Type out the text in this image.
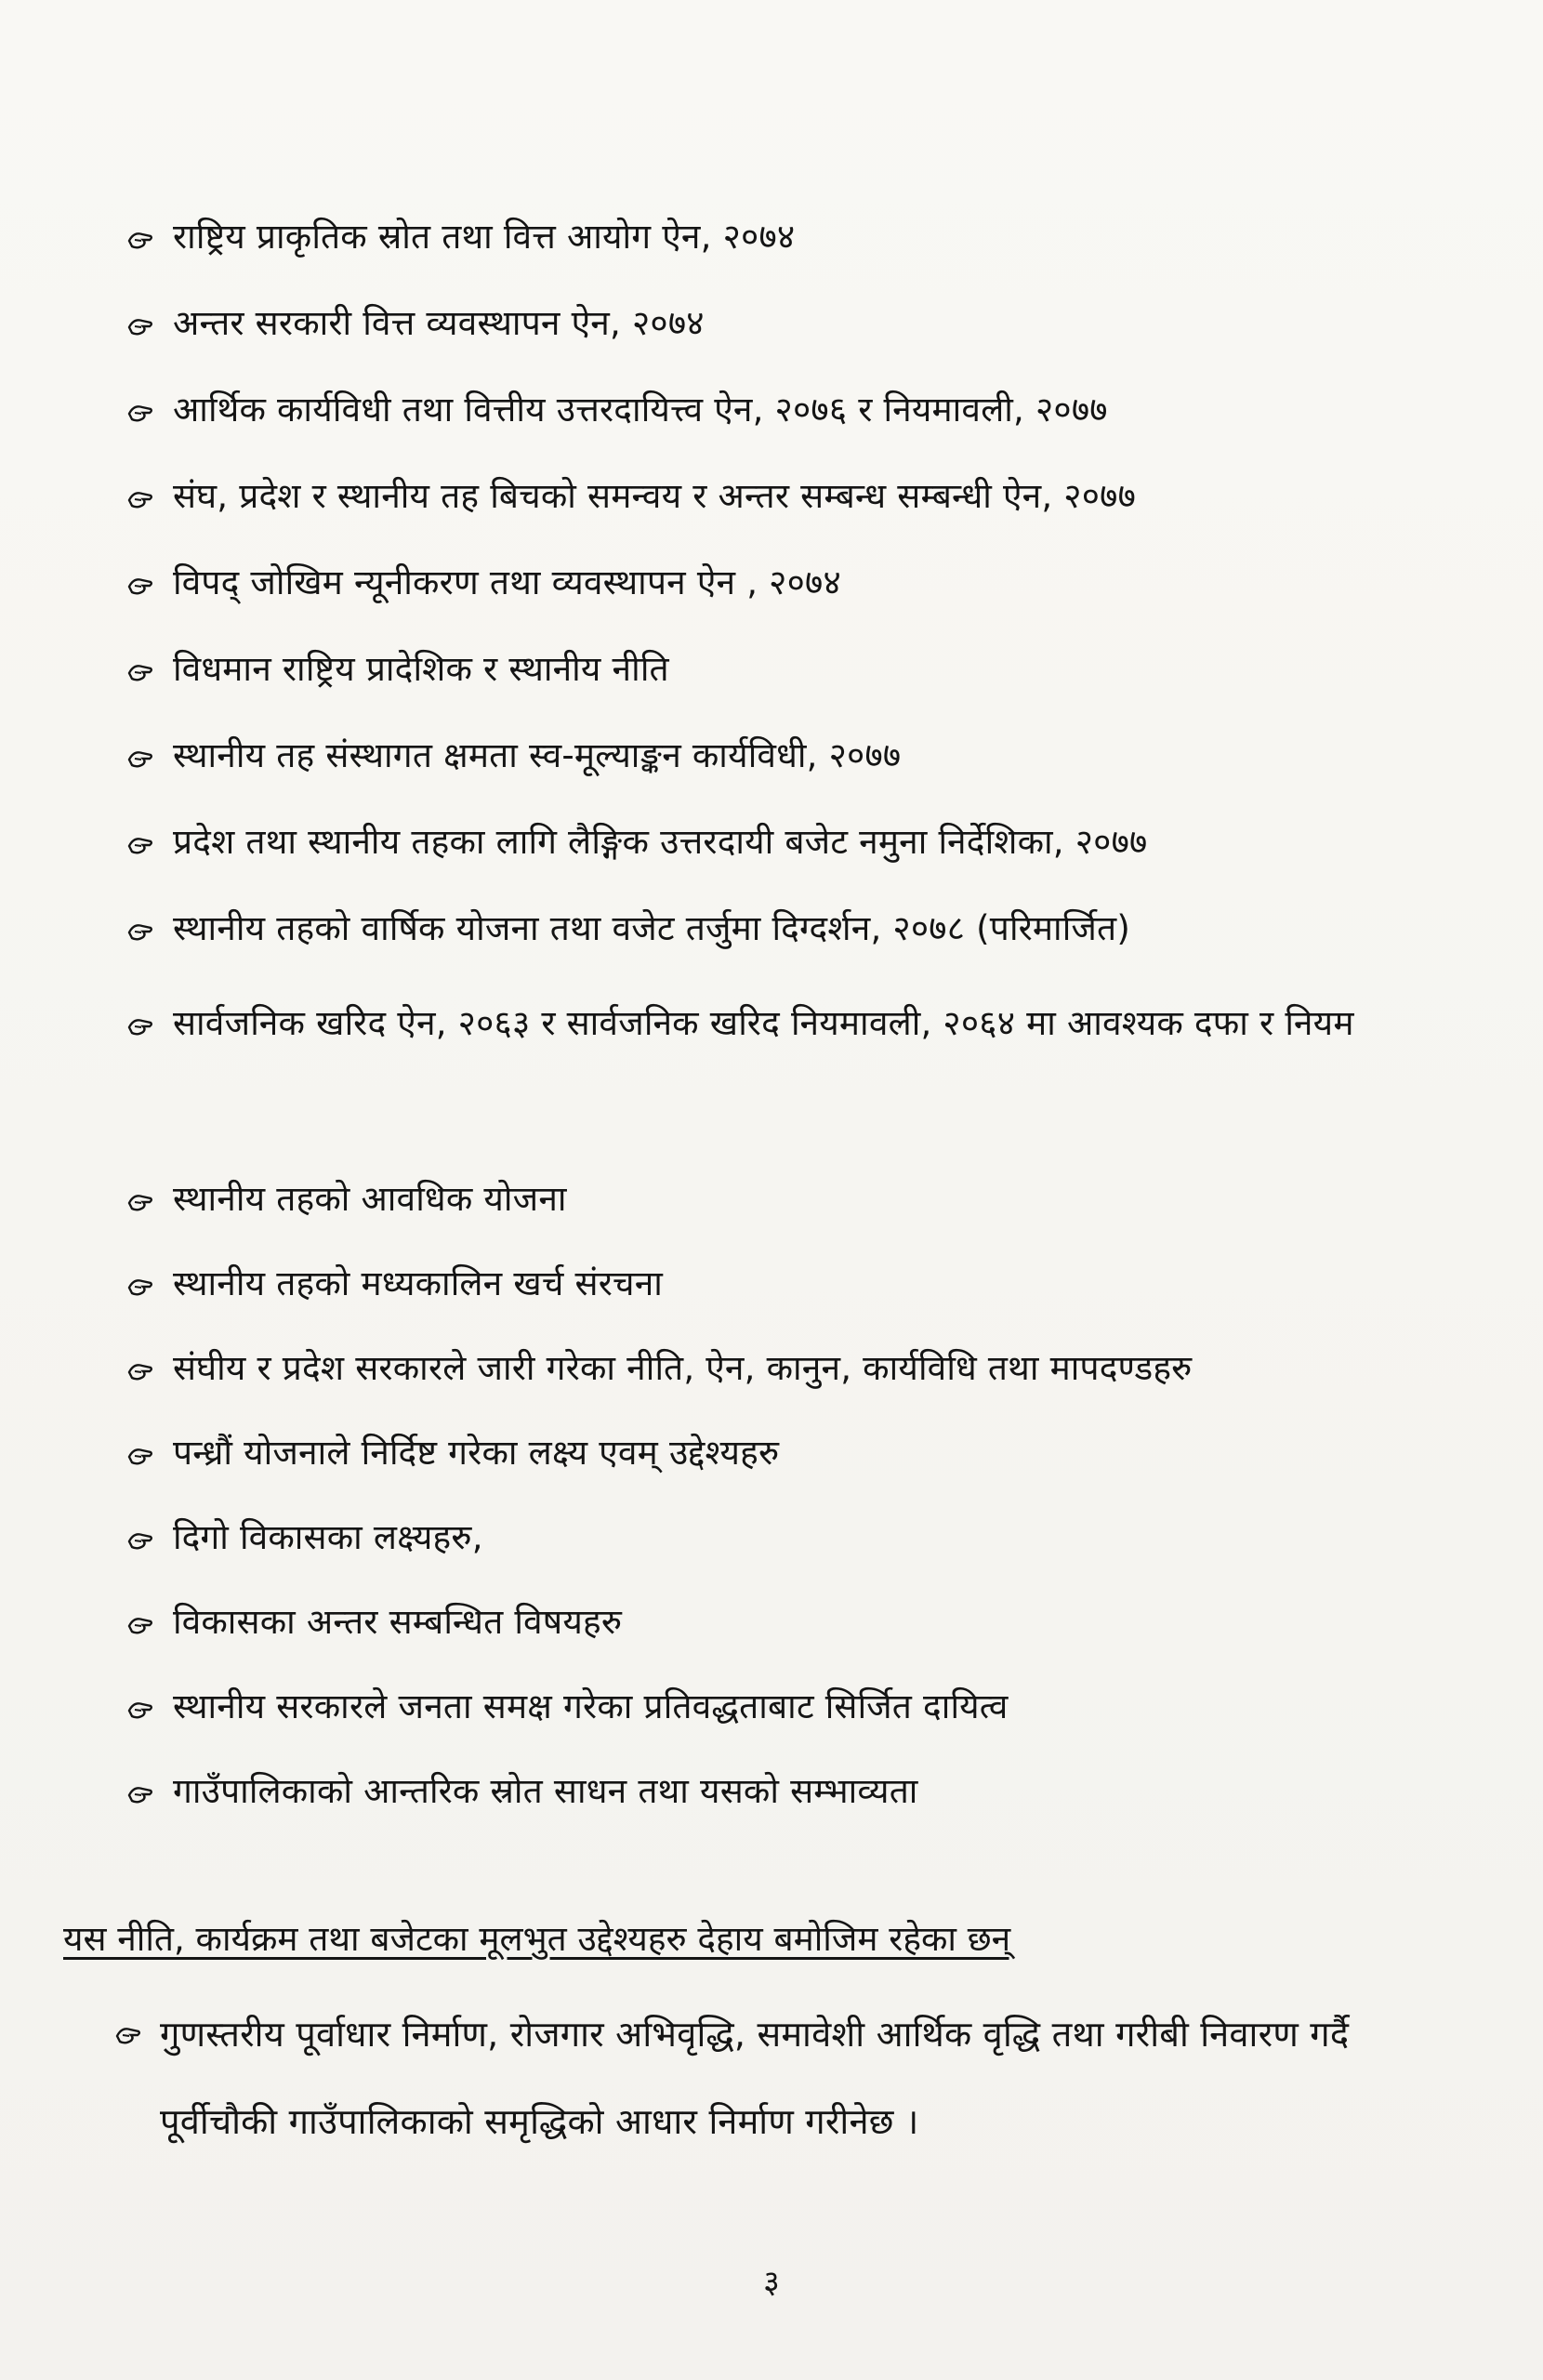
राष्ट्रिय प्राकृतिक स्रोत तथा वित्त आयोग ऐन, २०७४
अन्तर सरकारी वित्त व्यवस्थापन ऐन, २०७४
आर्थिक कार्यविधी तथा वित्तीय उत्तरदायित्त्व ऐन, २०७६ र नियमावली, २०७७
संघ, प्रदेश र स्थानीय तह बिचको समन्वय र अन्तर सम्बन्ध सम्बन्धी ऐन, २०७७
विपद् जोखिम न्यूनीकरण तथा व्यवस्थापन ऐन , २०७४
विधमान राष्ट्रिय प्रादेशिक र स्थानीय नीति
स्थानीय तह संस्थागत क्षमता स्व-मूल्याङ्कन कार्यविधी, २०७७
प्रदेश तथा स्थानीय तहका लागि लैङ्गिक उत्तरदायी बजेट नमुना निर्देशिका, २०७७
स्थानीय तहको वार्षिक योजना तथा वजेट तर्जुमा दिग्दर्शन, २०७८ (परिमार्जित)
सार्वजनिक खरिद ऐन, २०६३ र सार्वजनिक खरिद नियमावली, २०६४ मा आवश्यक दफा र नियम
स्थानीय तहको आवधिक योजना
स्थानीय तहको मध्यकालिन खर्च संरचना
संघीय र प्रदेश सरकारले जारी गरेका नीति, ऐन, कानुन, कार्यविधि तथा मापदण्डहरु
पन्ध्रौं योजनाले निर्दिष्ट गरेका लक्ष्य एवम् उद्देश्यहरु
दिगो विकासका लक्ष्यहरु,
विकासका अन्तर सम्बन्धित विषयहरु
स्थानीय सरकारले जनता समक्ष गरेका प्रतिवद्धताबाट सिर्जित दायित्व
गाउँपालिकाको आन्तरिक स्रोत साधन तथा यसको सम्भाव्यता
यस नीति, कार्यक्रम तथा बजेटका मूलभुत उद्देश्यहरु देहाय बमोजिम रहेका छन्
गुणस्तरीय पूर्वाधार निर्माण, रोजगार अभिवृद्धि, समावेशी आर्थिक वृद्धि तथा गरीबी निवारण गर्दै पूर्वीचौकी गाउँपालिकाको समृद्धिको आधार निर्माण गरीनेछ ।
३
